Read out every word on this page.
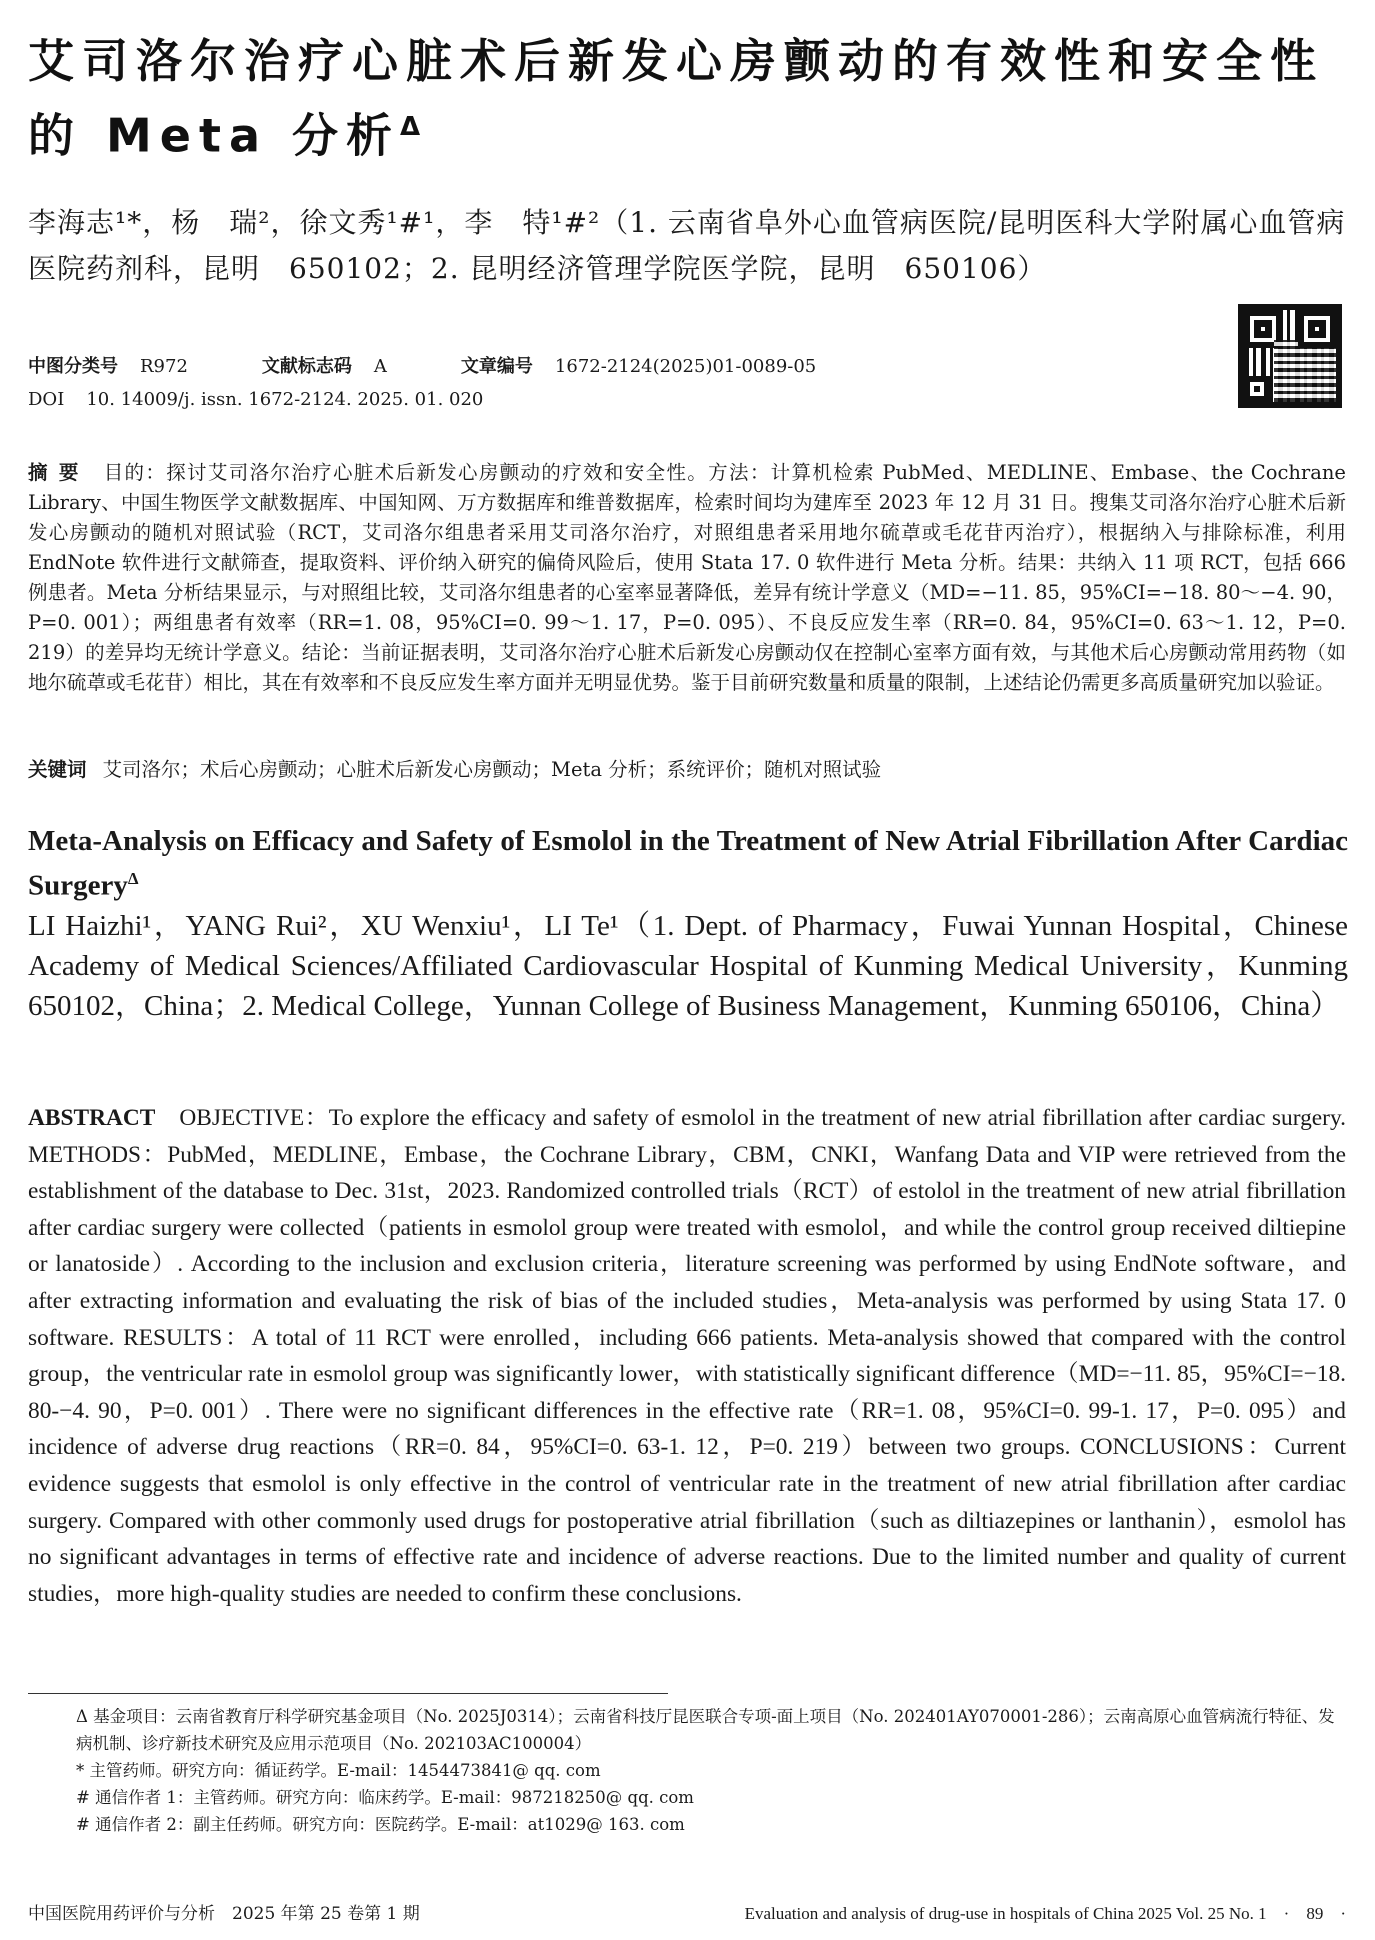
艾司洛尔治疗心脏术后新发心房颤动的有效性和安全性的 Meta 分析$^\Delta$
李海志¹*，杨　瑞²，徐文秀¹#¹，李　特¹#²（1. 云南省阜外心血管病医院/昆明医科大学附属心血管病医院药剂科，昆明　650102；2. 昆明经济管理学院医学院，昆明　650106）
中图分类号 R972	文献标志码 A	文章编号 1672-2124(2025)01-0089-05
DOI 10. 14009/j. issn. 1672-2124. 2025. 01. 020
摘要 目的：探讨艾司洛尔治疗心脏术后新发心房颤动的疗效和安全性。方法：计算机检索 PubMed、MEDLINE、Embase、the Cochrane Library、中国生物医学文献数据库、中国知网、万方数据库和维普数据库，检索时间均为建库至 2023 年 12 月 31 日。搜集艾司洛尔治疗心脏术后新发心房颤动的随机对照试验（RCT，艾司洛尔组患者采用艾司洛尔治疗，对照组患者采用地尔硫䓬或毛花苷丙治疗），根据纳入与排除标准，利用 EndNote 软件进行文献筛查，提取资料、评价纳入研究的偏倚风险后，使用 Stata 17. 0 软件进行 Meta 分析。结果：共纳入 11 项 RCT，包括 666 例患者。Meta 分析结果显示，与对照组比较，艾司洛尔组患者的心室率显著降低，差异有统计学意义（MD=−11. 85，95%CI=−18. 80～−4. 90，P=0. 001）；两组患者有效率（RR=1. 08，95%CI=0. 99～1. 17，P=0. 095）、不良反应发生率（RR=0. 84，95%CI=0. 63～1. 12，P=0. 219）的差异均无统计学意义。结论：当前证据表明，艾司洛尔治疗心脏术后新发心房颤动仅在控制心室率方面有效，与其他术后心房颤动常用药物（如地尔硫䓬或毛花苷）相比，其在有效率和不良反应发生率方面并无明显优势。鉴于目前研究数量和质量的限制，上述结论仍需更多高质量研究加以验证。
关键词 艾司洛尔；术后心房颤动；心脏术后新发心房颤动；Meta 分析；系统评价；随机对照试验
Meta-Analysis on Efficacy and Safety of Esmolol in the Treatment of New Atrial Fibrillation After Cardiac Surgery$^\Delta$
LI Haizhi¹，YANG Rui²，XU Wenxiu¹，LI Te¹（1. Dept. of Pharmacy，Fuwai Yunnan Hospital，Chinese Academy of Medical Sciences/Affiliated Cardiovascular Hospital of Kunming Medical University，Kunming 650102，China；2. Medical College，Yunnan College of Business Management，Kunming 650106，China）
ABSTRACT OBJECTIVE：To explore the efficacy and safety of esmolol in the treatment of new atrial fibrillation after cardiac surgery. METHODS：PubMed，MEDLINE，Embase，the Cochrane Library，CBM，CNKI，Wanfang Data and VIP were retrieved from the establishment of the database to Dec. 31st，2023. Randomized controlled trials（RCT）of estolol in the treatment of new atrial fibrillation after cardiac surgery were collected（patients in esmolol group were treated with esmolol，and while the control group received diltiepine or lanatoside）. According to the inclusion and exclusion criteria，literature screening was performed by using EndNote software，and after extracting information and evaluating the risk of bias of the included studies，Meta-analysis was performed by using Stata 17. 0 software. RESULTS：A total of 11 RCT were enrolled，including 666 patients. Meta-analysis showed that compared with the control group，the ventricular rate in esmolol group was significantly lower，with statistically significant difference（MD=−11. 85，95%CI=−18. 80-−4. 90，P=0. 001）. There were no significant differences in the effective rate（RR=1. 08，95%CI=0. 99-1. 17，P=0. 095）and incidence of adverse drug reactions（RR=0. 84，95%CI=0. 63-1. 12，P=0. 219）between two groups. CONCLUSIONS：Current evidence suggests that esmolol is only effective in the control of ventricular rate in the treatment of new atrial fibrillation after cardiac surgery. Compared with other commonly used drugs for postoperative atrial fibrillation（such as diltiazepines or lanthanin），esmolol has no significant advantages in terms of effective rate and incidence of adverse reactions. Due to the limited number and quality of current studies，more high-quality studies are needed to confirm these conclusions.
Δ 基金项目：云南省教育厅科学研究基金项目（No. 2025J0314）；云南省科技厅昆医联合专项-面上项目（No. 202401AY070001-286）；云南高原心血管病流行特征、发病机制、诊疗新技术研究及应用示范项目（No. 202103AC100004）
* 主管药师。研究方向：循证药学。E-mail：1454473841@ qq. com
# 通信作者 1：主管药师。研究方向：临床药学。E-mail：987218250@ qq. com
# 通信作者 2：副主任药师。研究方向：医院药学。E-mail：at1029@ 163. com
中国医院用药评价与分析　2025 年第 25 卷第 1 期	Evaluation and analysis of drug-use in hospitals of China 2025 Vol. 25 No. 1　·　89　·
